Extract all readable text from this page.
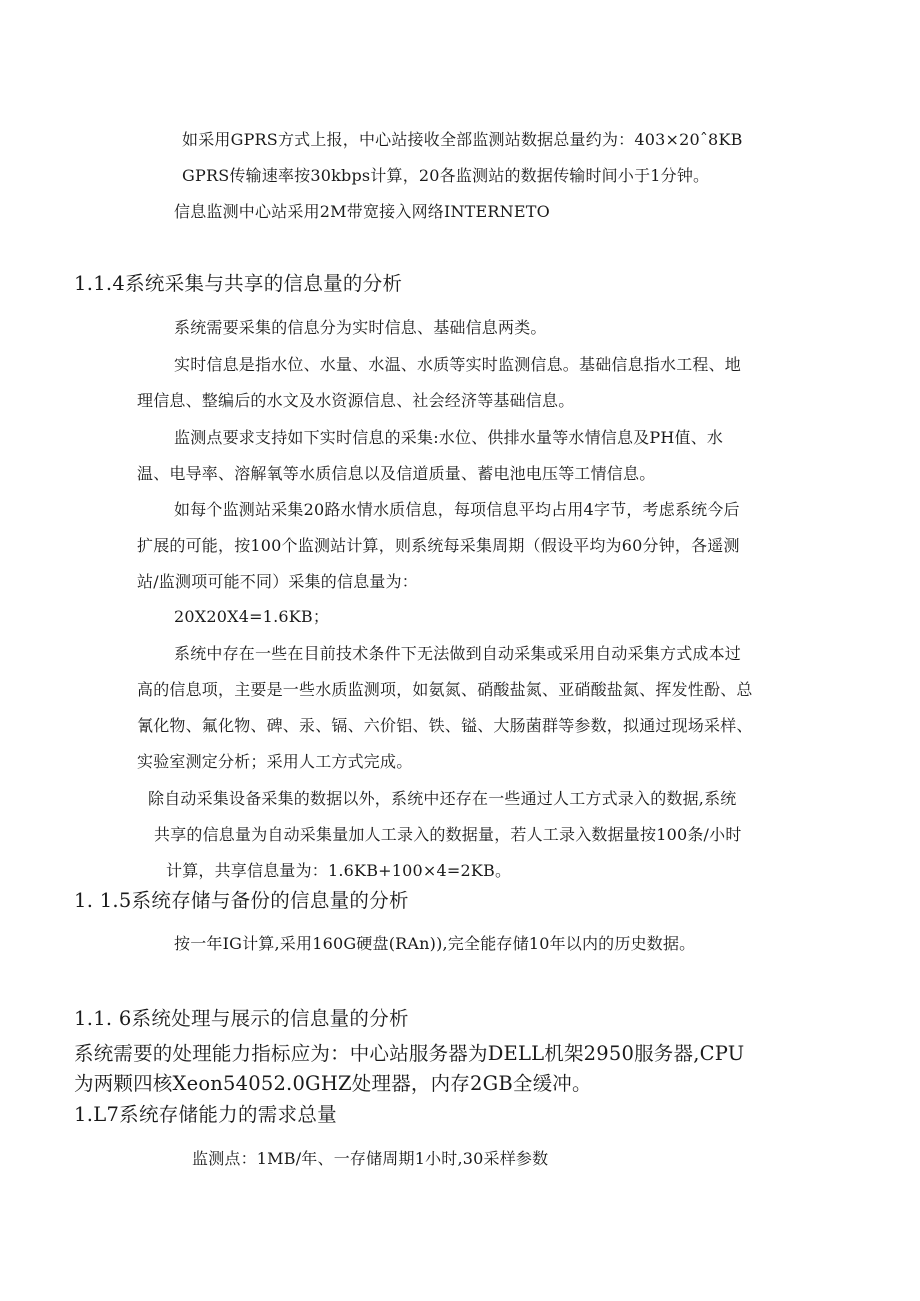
如采用GPRS方式上报，中心站接收全部监测站数据总量约为：403×20ˆ8KB
GPRS传输速率按30kbps计算，20各监测站的数据传输时间小于1分钟。
信息监测中心站采用2M带宽接入网络INTERNETO
1.1.4系统采集与共享的信息量的分析
系统需要采集的信息分为实时信息、基础信息两类。
实时信息是指水位、水量、水温、水质等实时监测信息。基础信息指水工程、地
理信息、整编后的水文及水资源信息、社会经济等基础信息。
监测点要求支持如下实时信息的采集:水位、供排水量等水情信息及PH值、水
温、电导率、溶解氧等水质信息以及信道质量、蓄电池电压等工情信息。
如每个监测站采集20路水情水质信息，每项信息平均占用4字节，考虑系统今后
扩展的可能，按100个监测站计算，则系统每采集周期（假设平均为60分钟，各遥测
站/监测项可能不同）采集的信息量为：
20X20X4=1.6KB；
系统中存在一些在目前技术条件下无法做到自动采集或采用自动采集方式成本过
高的信息项，主要是一些水质监测项，如氨氮、硝酸盐氮、亚硝酸盐氮、挥发性酚、总
氰化物、氟化物、碑、汞、镉、六价铝、铁、镒、大肠菌群等参数，拟通过现场采样、
实验室测定分析；采用人工方式完成。
除自动采集设备采集的数据以外，系统中还存在一些通过人工方式录入的数据,系统
共享的信息量为自动采集量加人工录入的数据量，若人工录入数据量按100条/小时
计算，共享信息量为：1.6KB+100×4=2KB。
1. 1.5系统存储与备份的信息量的分析
按一年IG计算,采用160G硬盘(RAn)),完全能存储10年以内的历史数据。
1.1. 6系统处理与展示的信息量的分析
系统需要的处理能力指标应为：中心站服务器为DELL机架2950服务器,CPU
为两颗四核Xeon54052.0GHZ处理器，内存2GB全缓冲。
1.L7系统存储能力的需求总量
监测点：1MB/年、一存储周期1小时,30采样参数
